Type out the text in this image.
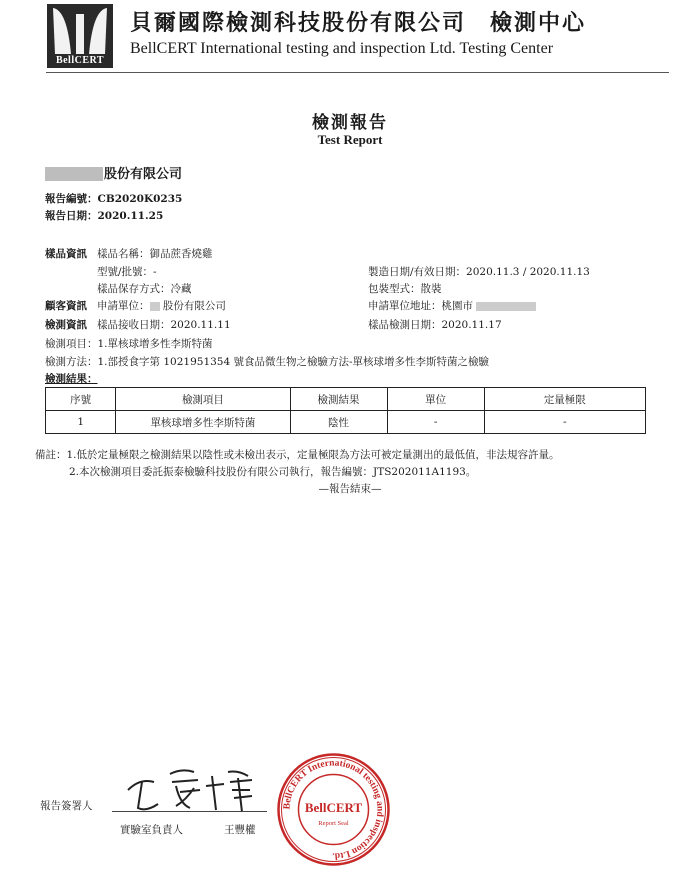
BellCERT
貝爾國際檢測科技股份有限公司　檢測中心
BellCERT International testing and inspection Ltd. Testing Center
檢測報告
Test Report
股份有限公司
報告編號：CB2020K0235
報告日期：2020.11.25
樣品資訊 樣品名稱：御品蔗香燒雞
型號/批號：-	製造日期/有效日期：2020.11.3 / 2020.11.13
樣品保存方式：冷藏	包裝型式：散裝
顧客資訊 申請單位： 股份有限公司	申請單位地址：桃園市
檢測資訊 樣品接收日期：2020.11.11	樣品檢測日期：2020.11.17
檢測項目：1.單核球增多性李斯特菌
檢測方法：1.部授食字第 1021951354 號食品微生物之檢驗方法-單核球增多性李斯特菌之檢驗
檢測結果：
序號	檢測項目	檢測結果	單位	定量極限
1	單核球增多性李斯特菌	陰性	-	-
備註：1.低於定量極限之檢測結果以陰性或未檢出表示，定量極限為方法可被定量測出的最低值，非法規容許量。
2.本次檢測項目委託振泰檢驗科技股份有限公司執行，報告編號：JTS202011A1193。
—報告結束—
報告簽署人
實驗室負責人	王豐權
BellCERT International testing and inspection Ltd.
BellCERT
Report Seal
